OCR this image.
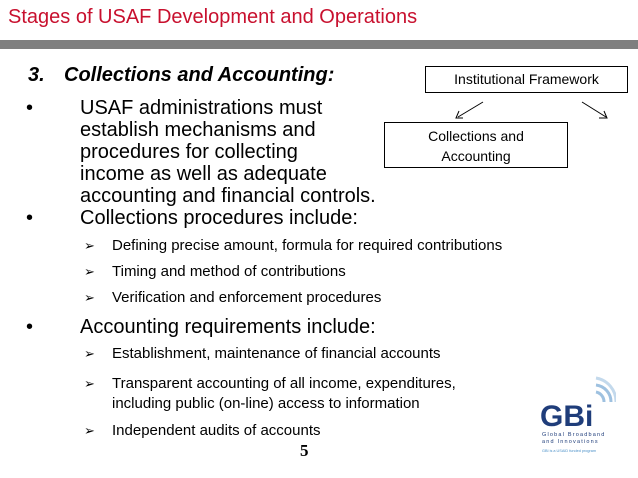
Stages of USAF Development and Operations
3. Collections and Accounting:	Institutional Framework
Collections and
Accounting
• USAF administrations must
establish mechanisms and
procedures for collecting
income as well as adequate
accounting and financial controls.
• Collections procedures include:
➢ Defining precise amount, formula for required contributions
➢ Timing and method of contributions
➢ Verification and enforcement procedures
• Accounting requirements include:
➢ Establishment, maintenance of financial accounts
➢ Transparent accounting of all income, expenditures,
including public (on-line) access to information
➢ Independent audits of accounts
5
GBi
Global Broadband
and Innovations
GBI is a USAID funded program
